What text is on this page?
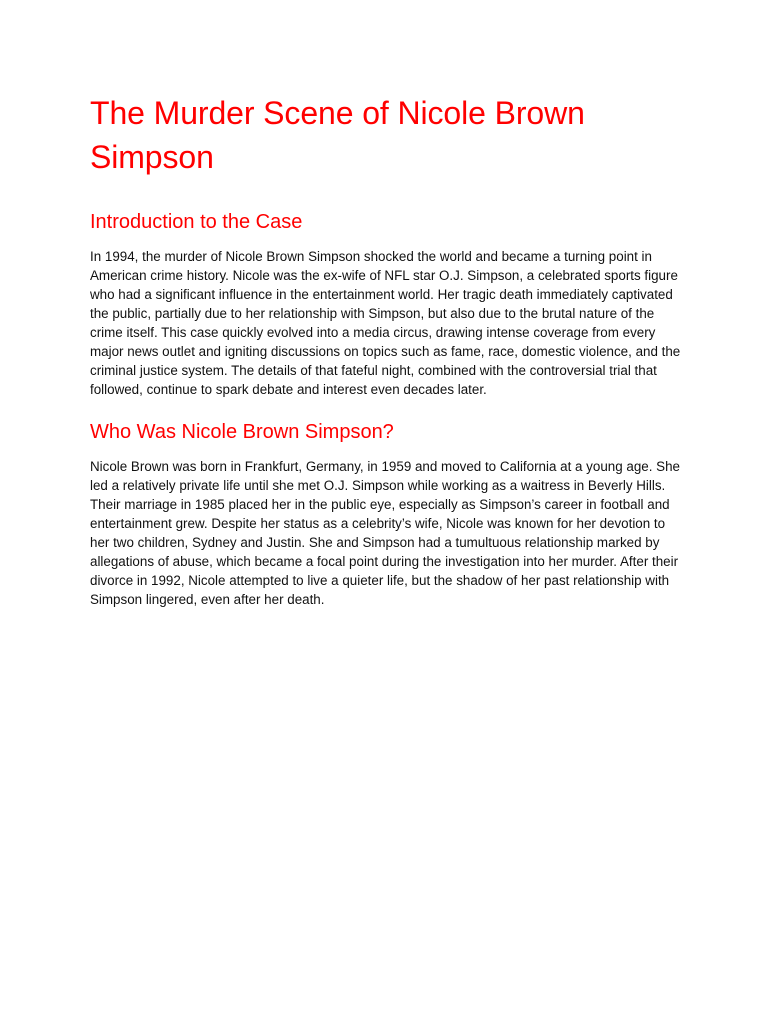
The Murder Scene of Nicole Brown Simpson
Introduction to the Case

In 1994, the murder of Nicole Brown Simpson shocked the world and became a turning point in American crime history. Nicole was the ex-wife of NFL star O.J. Simpson, a celebrated sports figure who had a significant influence in the entertainment world. Her tragic death immediately captivated the public, partially due to her relationship with Simpson, but also due to the brutal nature of the crime itself. This case quickly evolved into a media circus, drawing intense coverage from every major news outlet and igniting discussions on topics such as fame, race, domestic violence, and the criminal justice system. The details of that fateful night, combined with the controversial trial that followed, continue to spark debate and interest even decades later.

Who Was Nicole Brown Simpson?

Nicole Brown was born in Frankfurt, Germany, in 1959 and moved to California at a young age. She led a relatively private life until she met O.J. Simpson while working as a waitress in Beverly Hills. Their marriage in 1985 placed her in the public eye, especially as Simpson’s career in football and entertainment grew. Despite her status as a celebrity’s wife, Nicole was known for her devotion to her two children, Sydney and Justin. She and Simpson had a tumultuous relationship marked by allegations of abuse, which became a focal point during the investigation into her murder. After their divorce in 1992, Nicole attempted to live a quieter life, but the shadow of her past relationship with Simpson lingered, even after her death.
